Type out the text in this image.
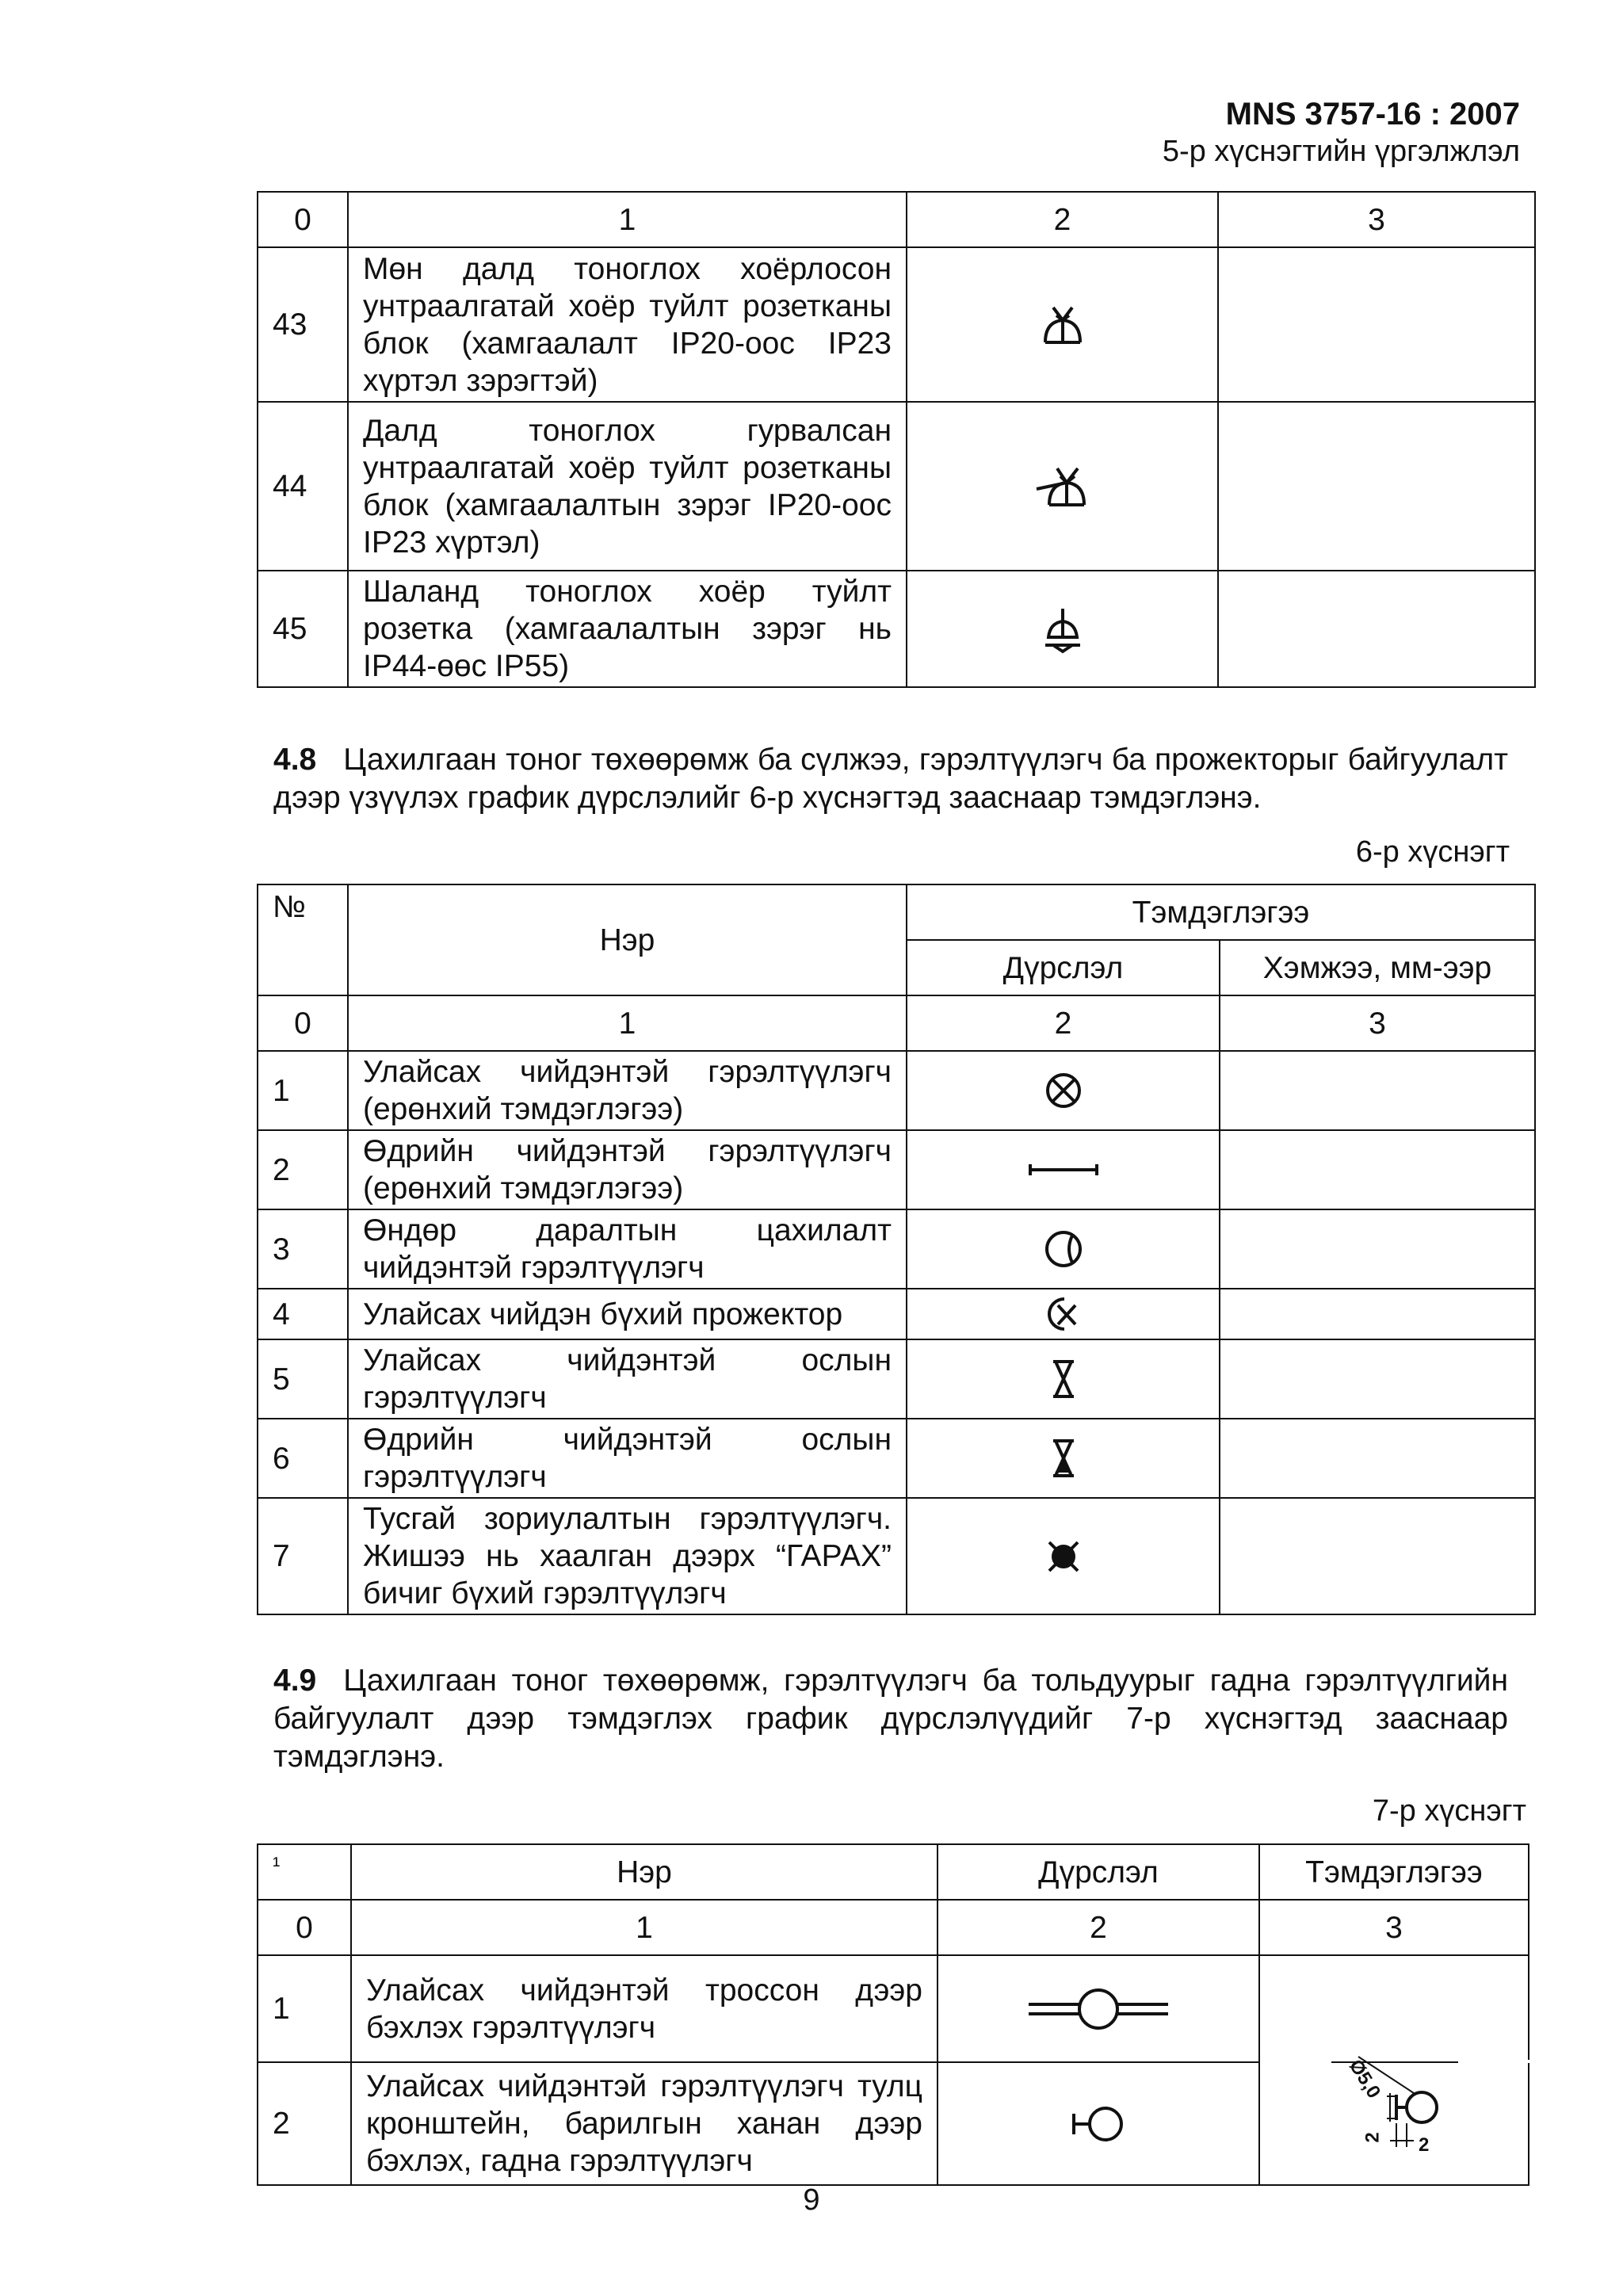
MNS 3757-16 : 2007
5-р хүснэгтийн үргэлжлэл
0	1	2	3
43	Мөн далд тоноглох хоёрлосон унтраалгатай хоёр туйлт розетканы блок (хамгаалалт IP20-оос IP23 хүртэл зэрэгтэй)	

44	Далд тоноглох гурвалсан унтраалгатай хоёр туйлт розетканы блок (хамгаалалтын зэрэг IP20-оос IP23 хүртэл)	

45	Шаланд тоноглох хоёр туйлт розетка (хамгаалалтын зэрэг нь IP44-өөс IP55)	

4.8 Цахилгаан тоног төхөөрөмж ба сүлжээ, гэрэлтүүлэгч ба прожекторыг байгуулалт дээр үзүүлэх график дүрслэлийг 6-р хүснэгтэд зааснаар тэмдэглэнэ.
6-р хүснэгт
№	Нэр	Тэмдэглэгээ	
		Дүрслэл	Хэмжээ, мм-ээр
0	1	2	3
1	Улайсах чийдэнтэй гэрэлтүүлэгч (ерөнхий тэмдэглэгээ)	

2	Өдрийн чийдэнтэй гэрэлтүүлэгч (ерөнхий тэмдэглэгээ)	

3	Өндөр даралтын цахилалт чийдэнтэй гэрэлтүүлэгч	

4	Улайсах чийдэн бүхий прожектор	

5	Улайсах чийдэнтэй ослын гэрэлтүүлэгч	

6	Өдрийн чийдэнтэй ослын гэрэлтүүлэгч	

7	Тусгай зориулалтын гэрэлтүүлэгч. Жишээ нь хаалган дээрх “ГАРАХ” бичиг бүхий гэрэлтүүлэгч	

4.9 Цахилгаан тоног төхөөрөмж, гэрэлтүүлэгч ба тольдуурыг гадна гэрэлтүүлгийн байгуулалт дээр тэмдэглэх график дүрслэлүүдийг 7-р хүснэгтэд зааснаар тэмдэглэнэ.
7-р хүснэгт
¹	Нэр	Дүрслэл	Тэмдэглэгээ
0	1	2	3
1	Улайсах чийдэнтэй троссон дээр бэхлэх гэрэлтүүлэгч	

2	Улайсах чийдэнтэй гэрэлтүүлэгч тулц кронштейн, барилгын ханан дээр бэхлэх, гадна гэрэлтүүлэгч		Ø5,0
2 2
9
